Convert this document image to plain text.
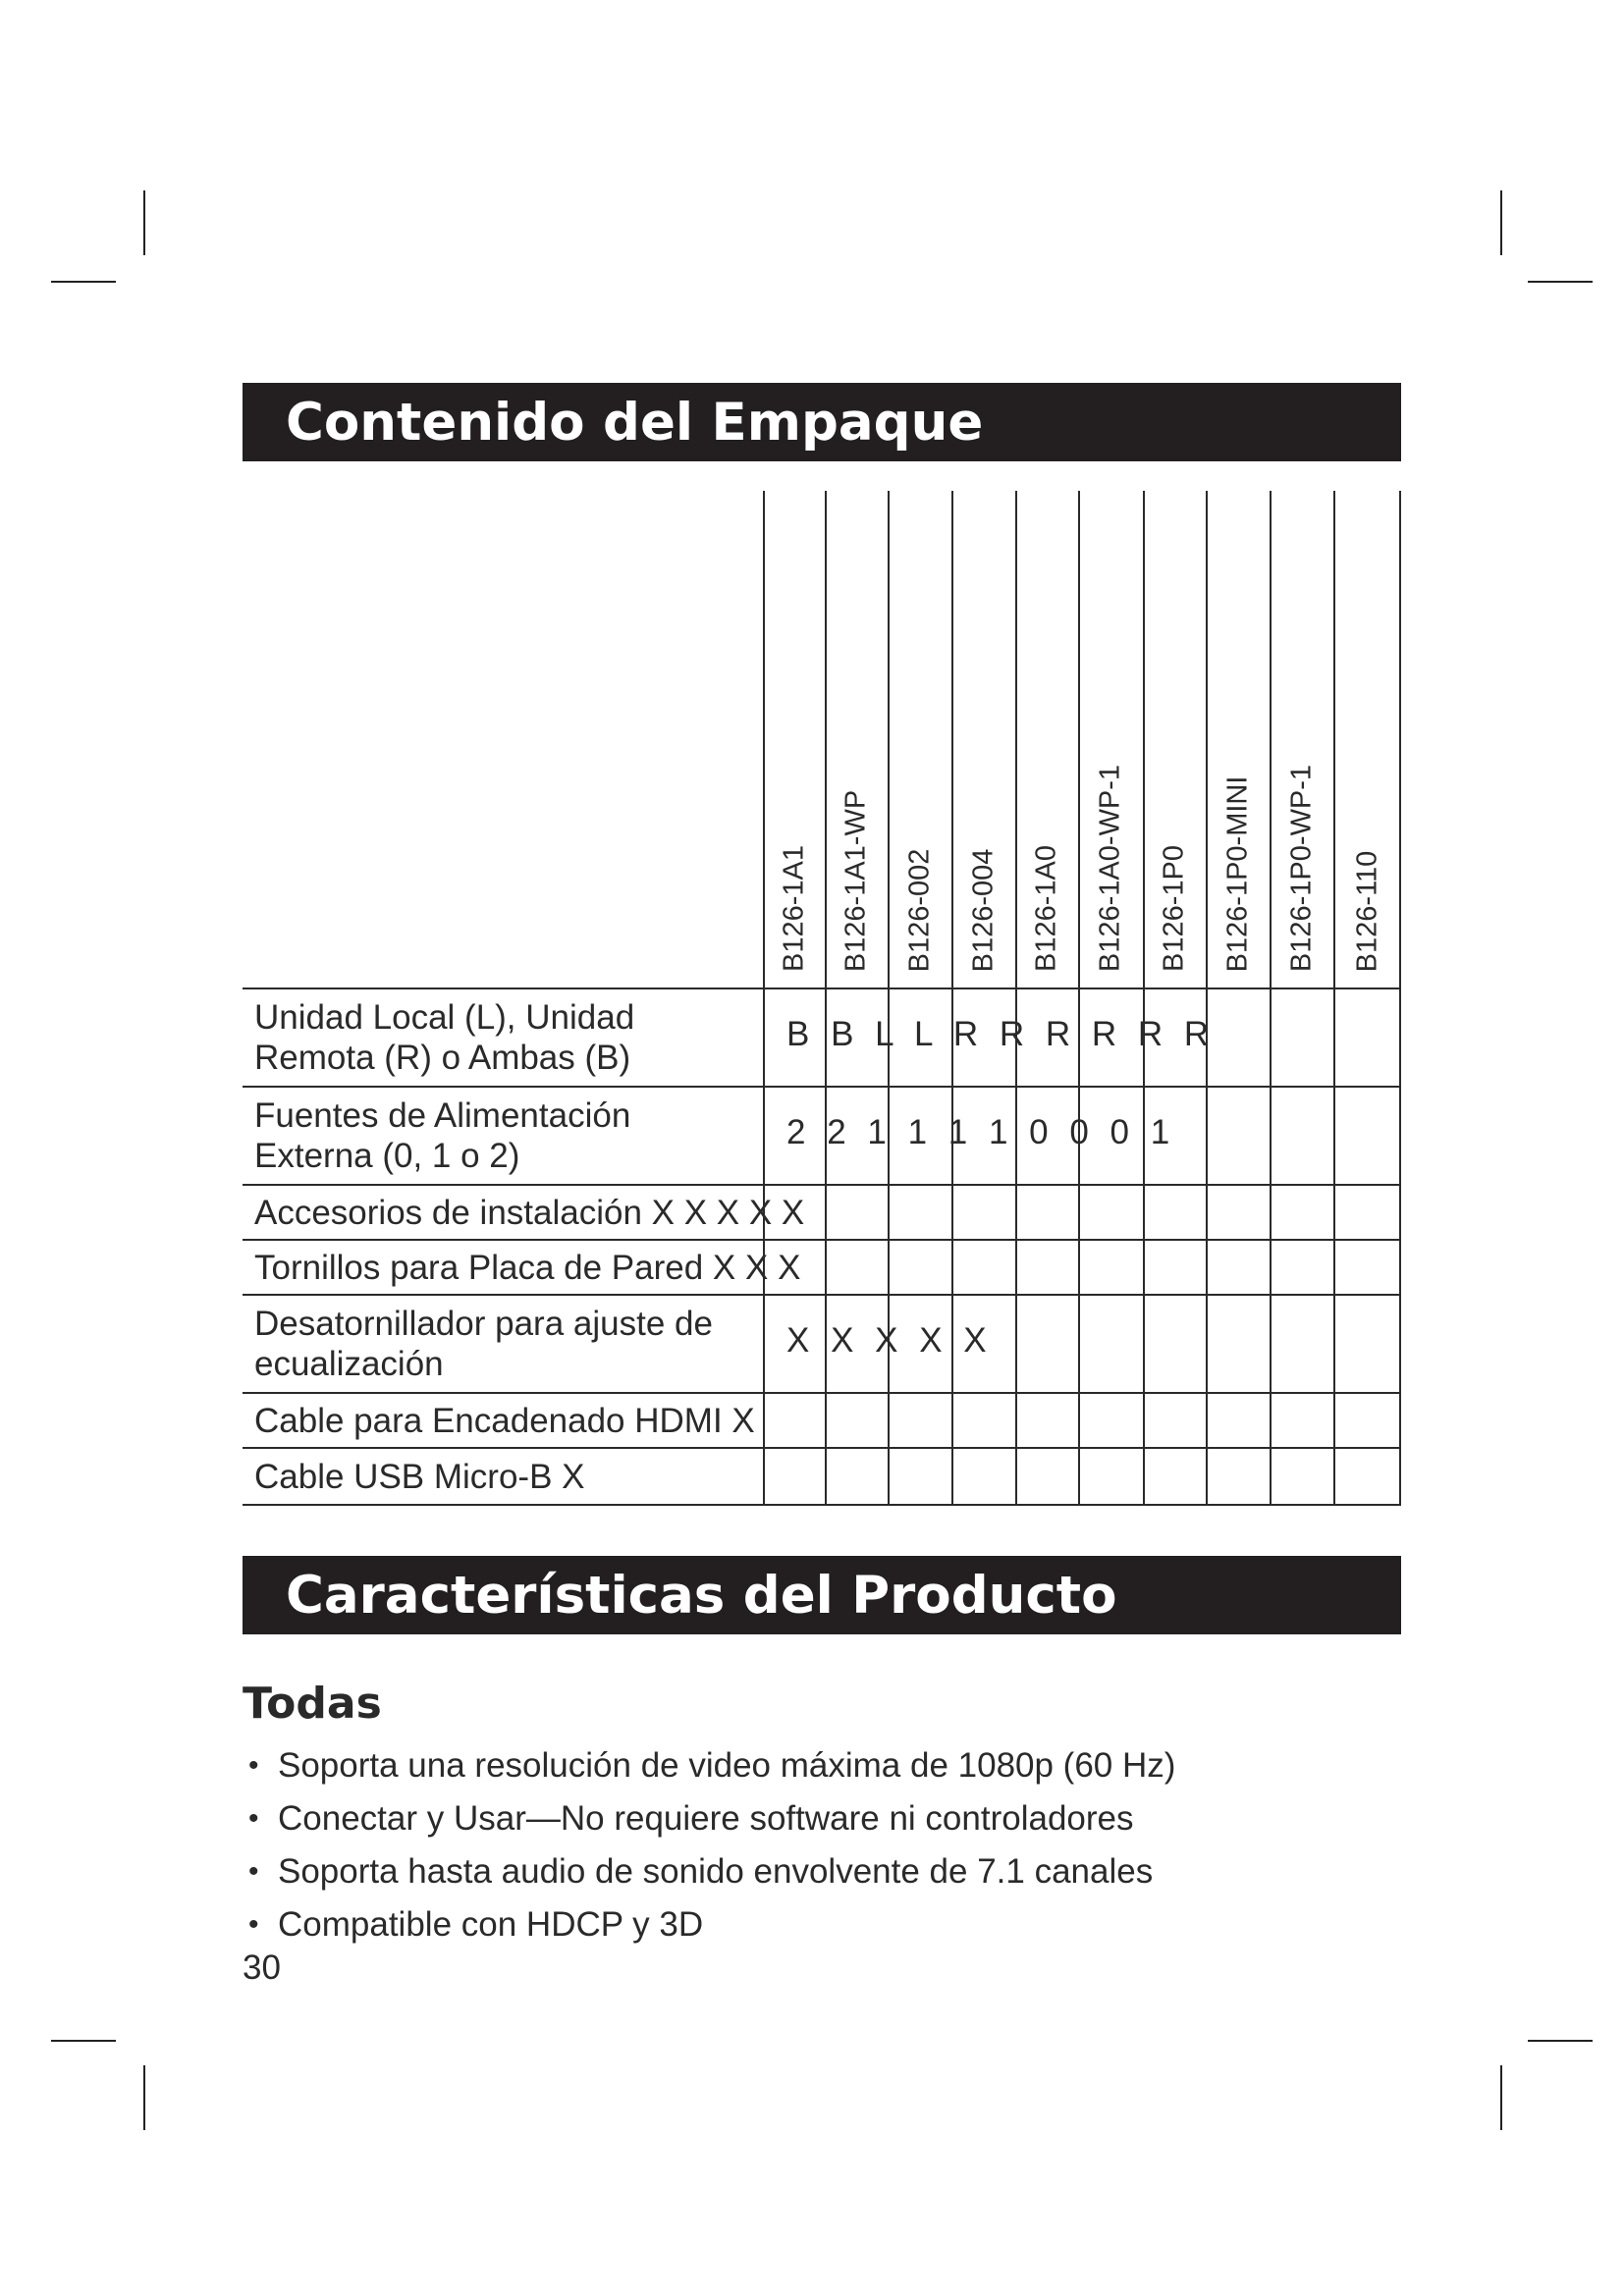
Contenido del Empaque
B126-1A1 B126-1A1-WP B126-002 B126-004 B126-1A0 B126-1A0-WP-1 B126-1P0 B126-1P0-MINI B126-1P0-WP-1 B126-110
Unidad Local (L), Unidad
Remota (R) o Ambas (B)
B B L L R R R R R R
Fuentes de Alimentación
Externa (0, 1 o 2)
2 2 1 1 1 1 0 0 0 1
Accesorios de instalación X X X X X
Tornillos para Placa de Pared X X X
Desatornillador para ajuste de
ecualización
X X X X X
Cable para Encadenado HDMI X
Cable USB Micro-B X
Características del Producto
Todas
• Soporta una resolución de video máxima de 1080p (60 Hz)
• Conectar y Usar—No requiere software ni controladores
• Soporta hasta audio de sonido envolvente de 7.1 canales
• Compatible con HDCP y 3D
30
